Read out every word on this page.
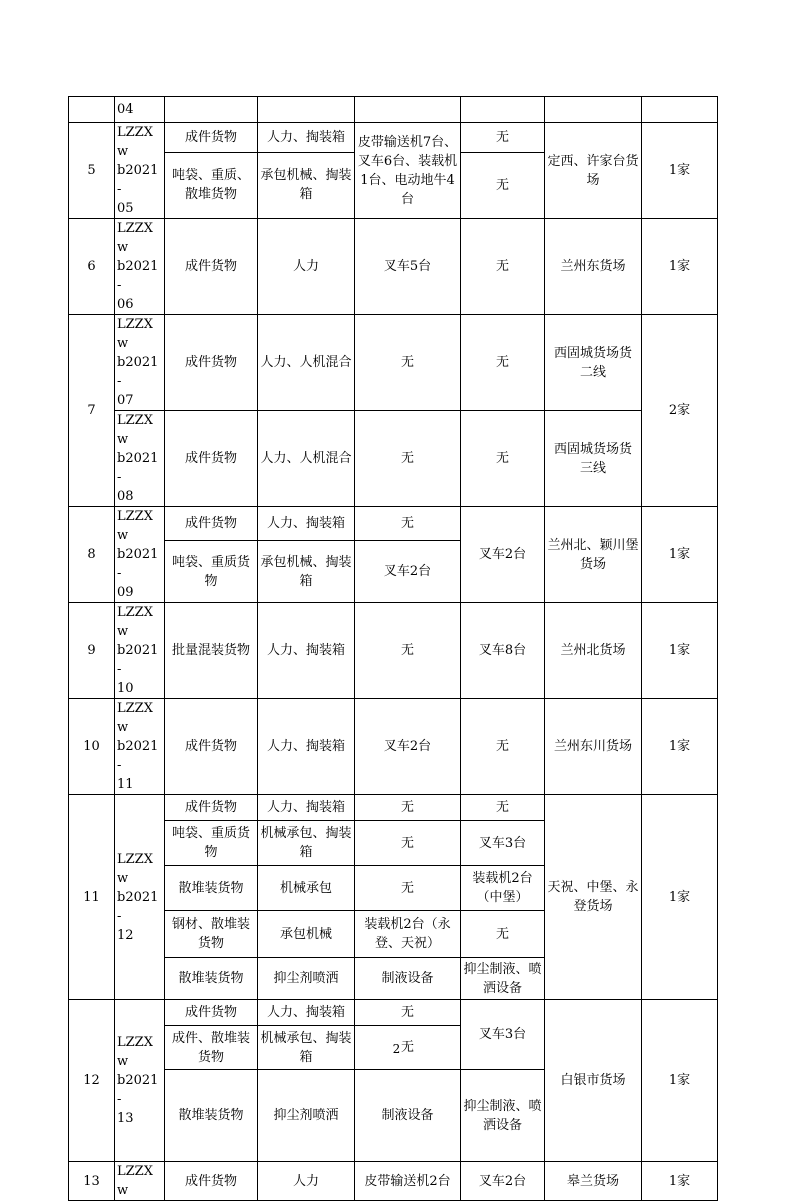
	04						
5	LZZXw
b2021-
05	成件货物	人力、掏装箱	皮带输送机7台、
叉车6台、装载机
1台、电动地牛4
台	无	定西、许家台货
场	1家
		吨袋、重质、
散堆货物	承包机械、掏装
箱		无		
6	LZZXw
b2021-
06	成件货物	人力	叉车5台	无	兰州东货场	1家
7	LZZXw
b2021-
07	成件货物	人力、人机混合	无	无	西固城货场货
二线	2家
	LZZXw
b2021-
08	成件货物	人力、人机混合	无	无	西固城货场货
三线	
8	LZZXw
b2021-
09	成件货物	人力、掏装箱	无	叉车2台	兰州北、颖川堡
货场	1家
		吨袋、重质货
物	承包机械、掏装
箱	叉车2台			
9	LZZXw
b2021-
10	批量混装货物	人力、掏装箱	无	叉车8台	兰州北货场	1家
10	LZZXw
b2021-
11	成件货物	人力、掏装箱	叉车2台	无	兰州东川货场	1家
11	LZZXw
b2021-
12	成件货物	人力、掏装箱	无	无	天祝、中堡、永
登货场	1家
		吨袋、重质货
物	机械承包、掏装
箱	无	叉车3台		
		散堆装货物	机械承包	无	装载机2台
（中堡）		
		钢材、散堆装
货物	承包机械	装载机2台（永
登、天祝）	无		
		散堆装货物	抑尘剂喷洒	制液设备	抑尘制液、喷
洒设备		
12	LZZXw
b2021-
13	成件货物	人力、掏装箱	无	叉车3台	白银市货场	1家
		成件、散堆装
货物	机械承包、掏装
箱	无			
		散堆装货物	抑尘剂喷洒	制液设备	抑尘制液、喷
洒设备		
13	LZZXw	成件货物	人力	皮带输送机2台	叉车2台	皋兰货场	1家
2
